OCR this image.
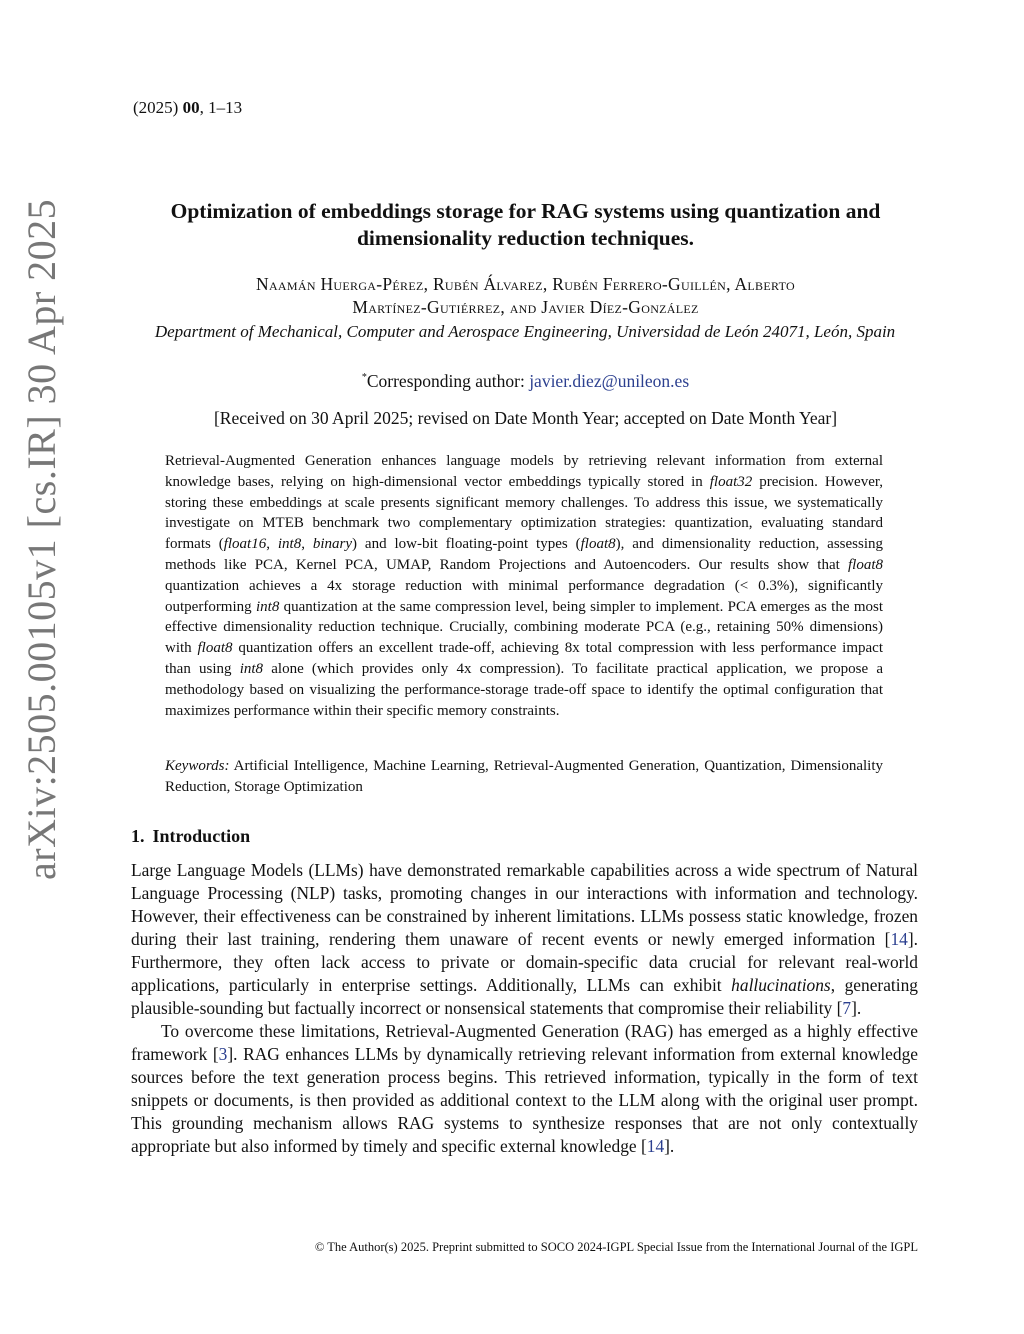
(2025) 00, 1–13
arXiv:2505.00105v1 [cs.IR] 30 Apr 2025	Optimization of embeddings storage for RAG systems using quantization and
dimensionality reduction techniques.
Naamán Huerga-Pérez, Rubén Álvarez, Rubén Ferrero-Guillén, Alberto
Martínez-Gutiérrez, and Javier Díez-González
Department of Mechanical, Computer and Aerospace Engineering, Universidad de León 24071, León, Spain
*Corresponding author: javier.diez@unileon.es
[Received on 30 April 2025; revised on Date Month Year; accepted on Date Month Year]

Retrieval-Augmented Generation enhances language models by retrieving relevant information from external knowledge bases, relying on high-dimensional vector embeddings typically stored in float32 precision. However, storing these embeddings at scale presents significant memory challenges. To address this issue, we systematically investigate on MTEB benchmark two complementary optimization strategies: quantization, evaluating standard formats (float16, int8, binary) and low-bit floating-point types (float8), and dimensionality reduction, assessing methods like PCA, Kernel PCA, UMAP, Random Projections and Autoencoders. Our results show that float8 quantization achieves a 4x storage reduction with minimal performance degradation (< 0.3%), significantly outperforming int8 quantization at the same compression level, being simpler to implement. PCA emerges as the most effective dimensionality reduction technique. Crucially, combining moderate PCA (e.g., retaining 50% dimensions) with float8 quantization offers an excellent trade-off, achieving 8x total compression with less performance impact than using int8 alone (which provides only 4x compression). To facilitate practical application, we propose a methodology based on visualizing the performance-storage trade-off space to identify the optimal configuration that maximizes performance within their specific memory constraints.

Keywords: Artificial Intelligence, Machine Learning, Retrieval-Augmented Generation, Quantization, Dimensionality Reduction, Storage Optimization
1. Introduction

Large Language Models (LLMs) have demonstrated remarkable capabilities across a wide spectrum of Natural Language Processing (NLP) tasks, promoting changes in our interactions with information and technology. However, their effectiveness can be constrained by inherent limitations. LLMs possess static knowledge, frozen during their last training, rendering them unaware of recent events or newly emerged information [14]. Furthermore, they often lack access to private or domain-specific data crucial for relevant real-world applications, particularly in enterprise settings. Additionally, LLMs can exhibit hallucinations, generating plausible-sounding but factually incorrect or nonsensical statements that compromise their reliability [7].

To overcome these limitations, Retrieval-Augmented Generation (RAG) has emerged as a highly effective framework [3]. RAG enhances LLMs by dynamically retrieving relevant information from external knowledge sources before the text generation process begins. This retrieved information, typically in the form of text snippets or documents, is then provided as additional context to the LLM along with the original user prompt. This grounding mechanism allows RAG systems to synthesize responses that are not only contextually appropriate but also informed by timely and specific external knowledge [14].

© The Author(s) 2025. Preprint submitted to SOCO 2024-IGPL Special Issue from the International Journal of the IGPL
